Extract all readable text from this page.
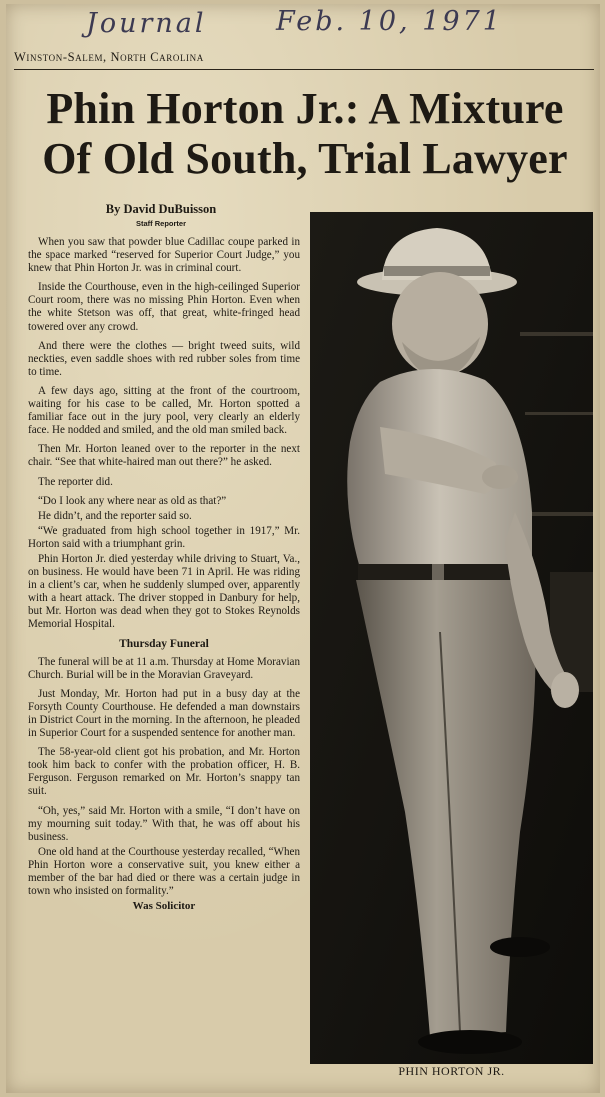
Journal	Feb. 10, 1971
Winston-Salem, North Carolina
Phin Horton Jr.: A Mixture
Of Old South, Trial Lawyer
By David DuBuisson
Staff Reporter

When you saw that powder blue Cadillac coupe parked in the space marked “reserved for Superior Court Judge,” you knew that Phin Horton Jr. was in criminal court.

Inside the Courthouse, even in the high-ceilinged Superior Court room, there was no missing Phin Horton. Even when the white Stetson was off, that great, white-fringed head towered over any crowd.

And there were the clothes — bright tweed suits, wild neckties, even saddle shoes with red rubber soles from time to time.

A few days ago, sitting at the front of the courtroom, waiting for his case to be called, Mr. Horton spotted a familiar face out in the jury pool, very clearly an elderly face. He nodded and smiled, and the old man smiled back.

Then Mr. Horton leaned over to the reporter in the next chair. “See that white-haired man out there?” he asked.

The reporter did.

“Do I look any where near as old as that?”

He didn’t, and the reporter said so.

“We graduated from high school together in 1917,” Mr. Horton said with a triumphant grin.

Phin Horton Jr. died yesterday while driving to Stuart, Va., on business. He would have been 71 in April. He was riding in a client’s car, when he suddenly slumped over, apparently with a heart attack. The driver stopped in Danbury for help, but Mr. Horton was dead when they got to Stokes Reynolds Memorial Hospital.

Thursday Funeral

The funeral will be at 11 a.m. Thursday at Home Moravian Church. Burial will be in the Moravian Graveyard.

Just Monday, Mr. Horton had put in a busy day at the Forsyth County Courthouse. He defended a man downstairs in District Court in the morning. In the afternoon, he pleaded in Superior Court for a suspended sentence for another man.

The 58-year-old client got his probation, and Mr. Horton took him back to confer with the probation officer, H. B. Ferguson. Ferguson remarked on Mr. Horton’s snappy tan suit.

“Oh, yes,” said Mr. Horton with a smile, “I don’t have on my mourning suit today.” With that, he was off about his business.

One old hand at the Courthouse yesterday recalled, “When Phin Horton wore a conservative suit, you knew either a member of the bar had died or there was a certain judge in town who insisted on formality.”

Was Solicitor
PHIN HORTON JR.
